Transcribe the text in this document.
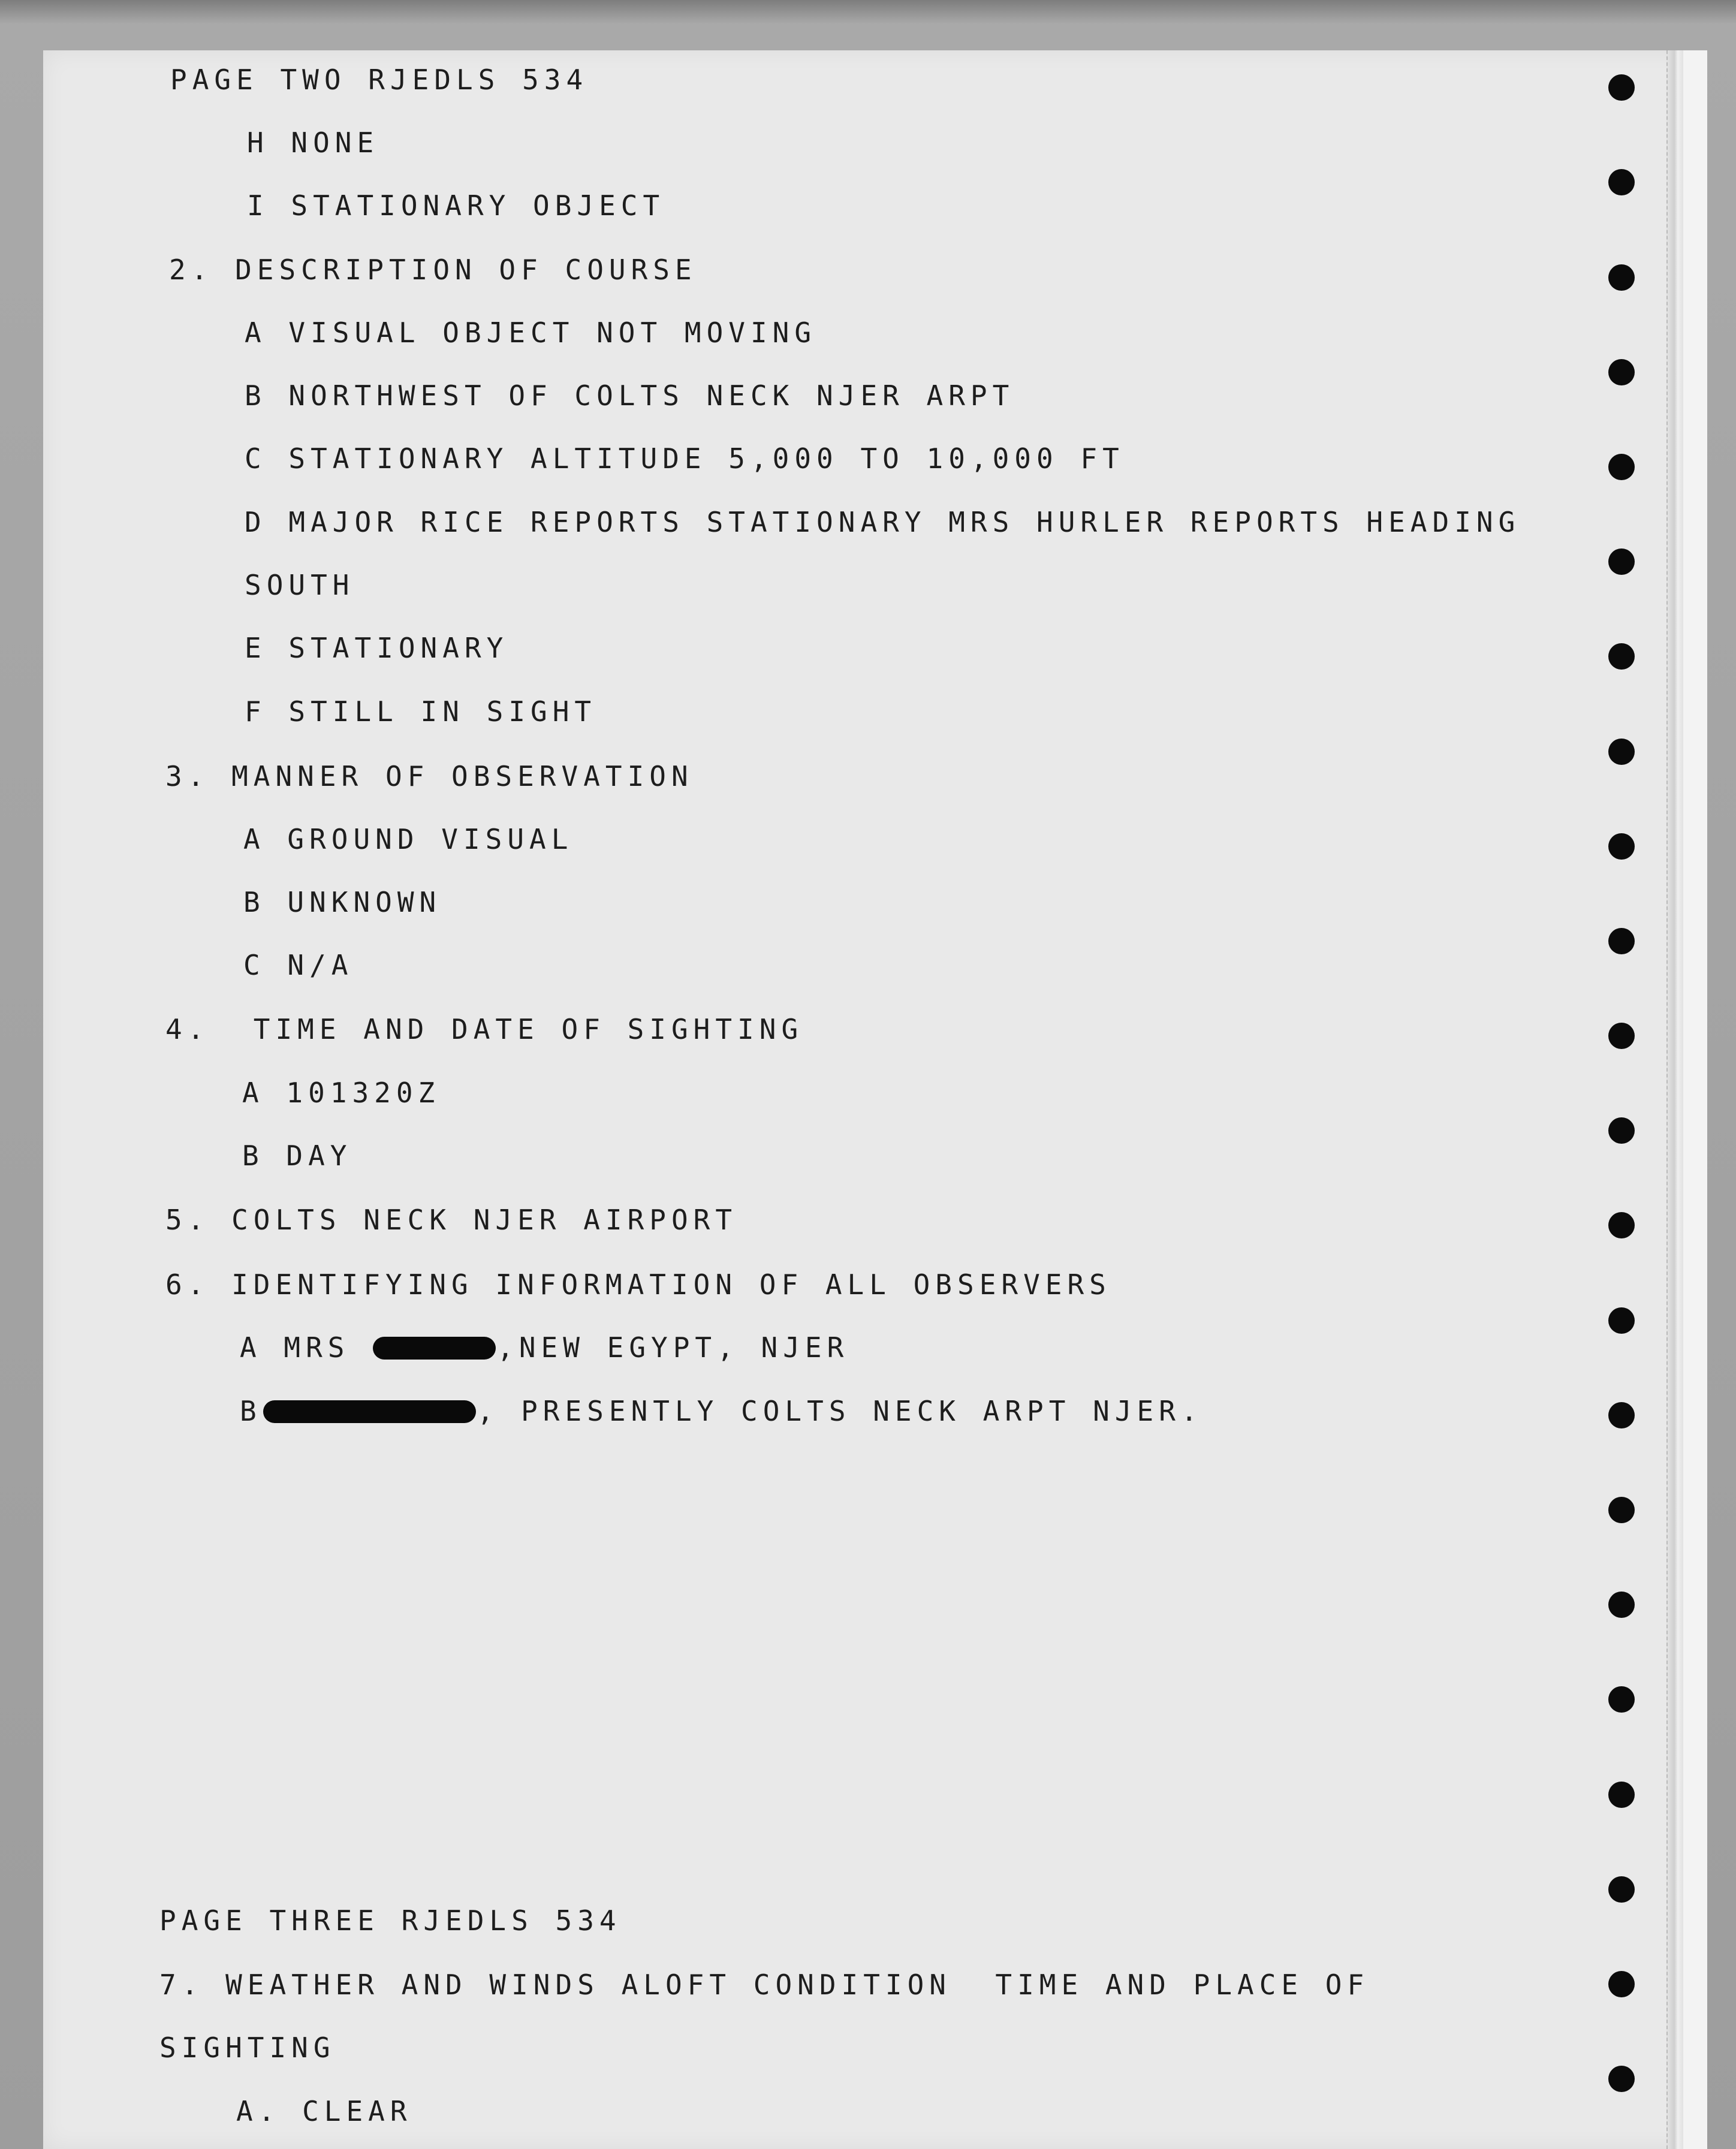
PAGE TWO RJEDLS 534
H NONE
I STATIONARY OBJECT
2. DESCRIPTION OF COURSE
A VISUAL OBJECT NOT MOVING
B NORTHWEST OF COLTS NECK NJER ARPT
C STATIONARY ALTITUDE 5,000 TO 10,000 FT
D MAJOR RICE REPORTS STATIONARY MRS HURLER REPORTS HEADING
SOUTH
E STATIONARY
F STILL IN SIGHT
3. MANNER OF OBSERVATION
A GROUND VISUAL
B UNKNOWN
C N/A
4.  TIME AND DATE OF SIGHTING
A 101320Z
B DAY
5. COLTS NECK NJER AIRPORT
6. IDENTIFYING INFORMATION OF ALL OBSERVERS
A MRS	,NEW EGYPT, NJER
B	, PRESENTLY COLTS NECK ARPT NJER.
PAGE THREE RJEDLS 534
7. WEATHER AND WINDS ALOFT CONDITION  TIME AND PLACE OF
SIGHTING
A. CLEAR
